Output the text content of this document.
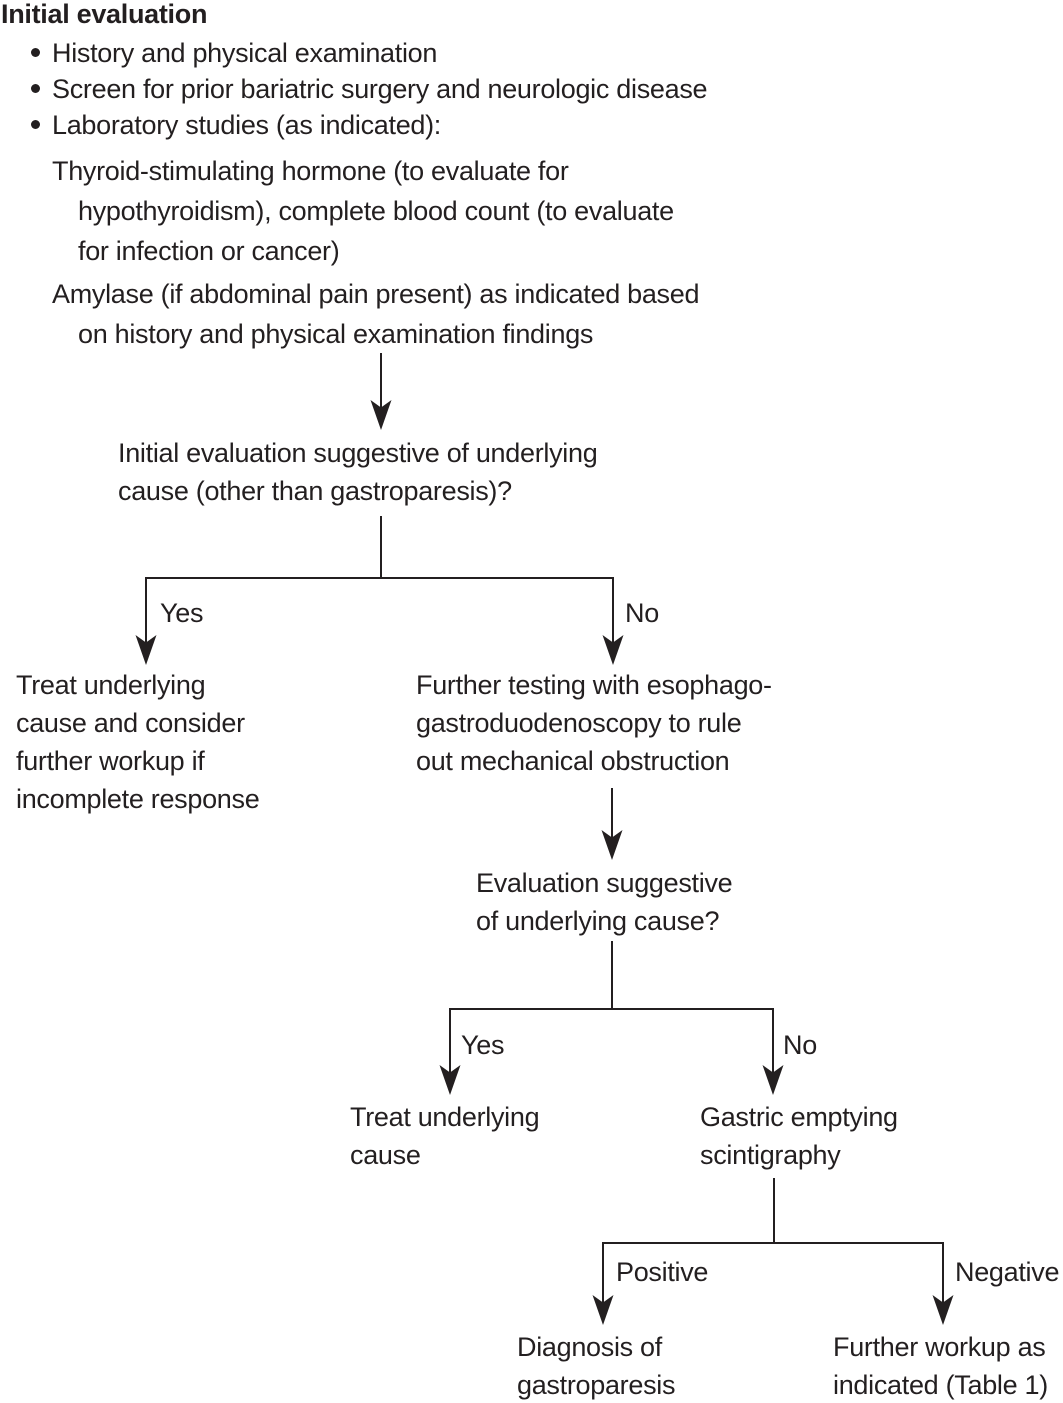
Initial evaluation
History and physical examination
Screen for prior bariatric surgery and neurologic disease
Laboratory studies (as indicated):
Thyroid-stimulating hormone (to evaluate for
hypothyroidism), complete blood count (to evaluate
for infection or cancer)
Amylase (if abdominal pain present) as indicated based
on history and physical examination findings
Initial evaluation suggestive of underlying
cause (other than gastroparesis)?
Yes	No
Treat underlying
cause and consider
further workup if
incomplete response
Further testing with esophago-
gastroduodenoscopy to rule
out mechanical obstruction
Evaluation suggestive
of underlying cause?
Yes	No
Treat underlying
cause
Gastric emptying
scintigraphy
Positive	Negative
Diagnosis of
gastroparesis
Further workup as
indicated (Table 1)
